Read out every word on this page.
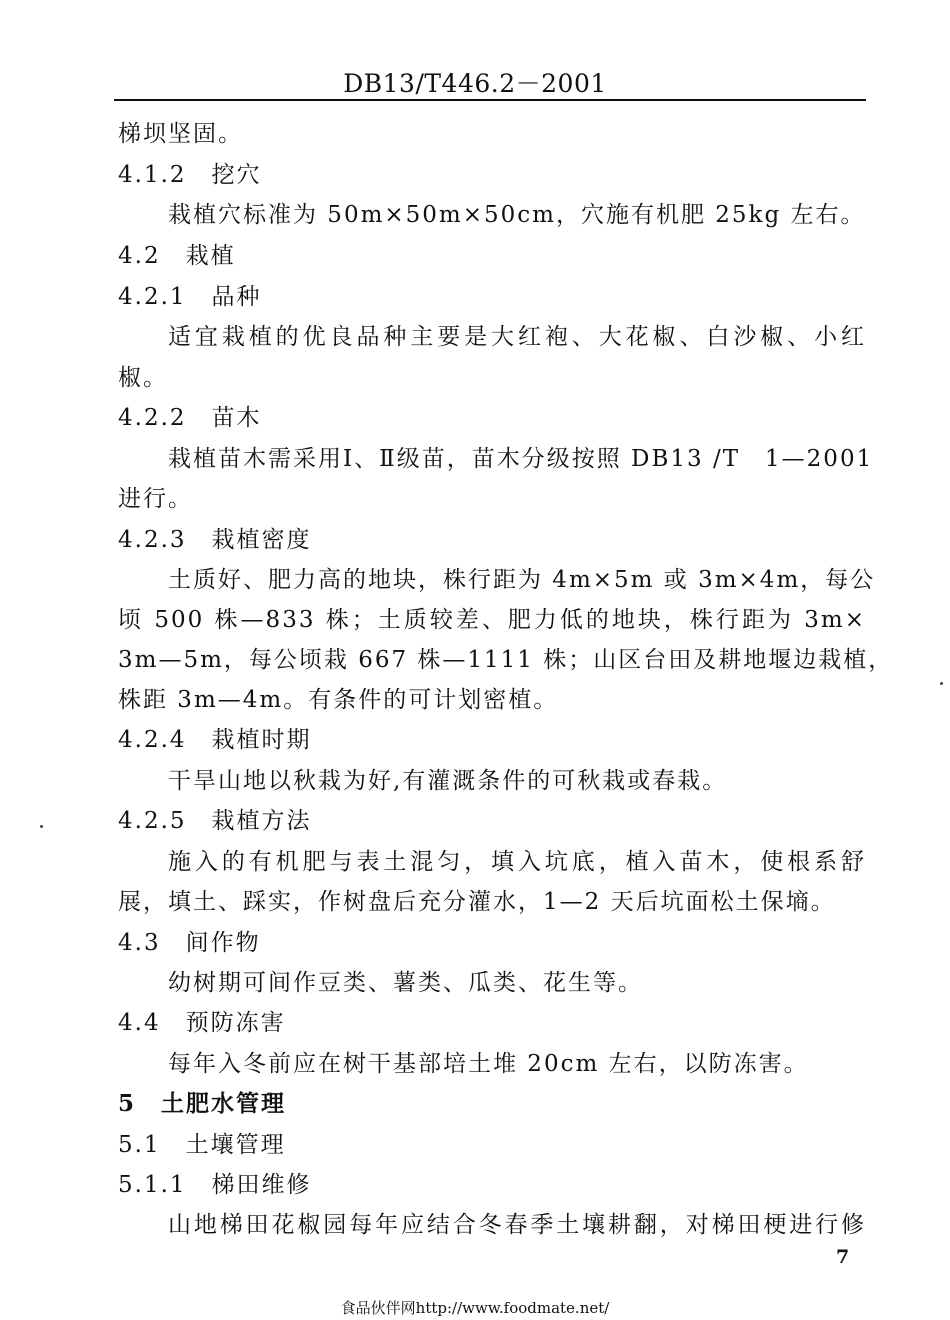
DB13/T446.2－2001
梯坝坚固。
4.1.2　挖穴
栽植穴标准为 50m×50m×50cm，穴施有机肥 25kg 左右。
4.2　栽植
4.2.1　品种
适宜栽植的优良品种主要是大红袍、大花椒、白沙椒、小红
椒。
4.2.2　苗木
栽植苗木需采用Ⅰ、Ⅱ级苗，苗木分级按照 DB13 /T　1—2001
进行。
4.2.3　栽植密度
土质好、肥力高的地块，株行距为 4m×5m 或 3m×4m，每公
顷 500 株—833 株；土质较差、肥力低的地块，株行距为 3m×
3m—5m，每公顷栽 667 株—1111 株；山区台田及耕地堰边栽植，
株距 3m—4m。有条件的可计划密植。
4.2.4　栽植时期
干旱山地以秋栽为好,有灌溉条件的可秋栽或春栽。
4.2.5　栽植方法
施入的有机肥与表土混匀，填入坑底，植入苗木，使根系舒
展，填土、踩实，作树盘后充分灌水，1—2 天后坑面松土保墒。
4.3　间作物
幼树期可间作豆类、薯类、瓜类、花生等。
4.4　预防冻害
每年入冬前应在树干基部培土堆 20cm 左右，以防冻害。
5　土肥水管理
5.1　土壤管理
5.1.1　梯田维修
山地梯田花椒园每年应结合冬春季土壤耕翻，对梯田梗进行修
7
食品伙伴网http://www.foodmate.net/
